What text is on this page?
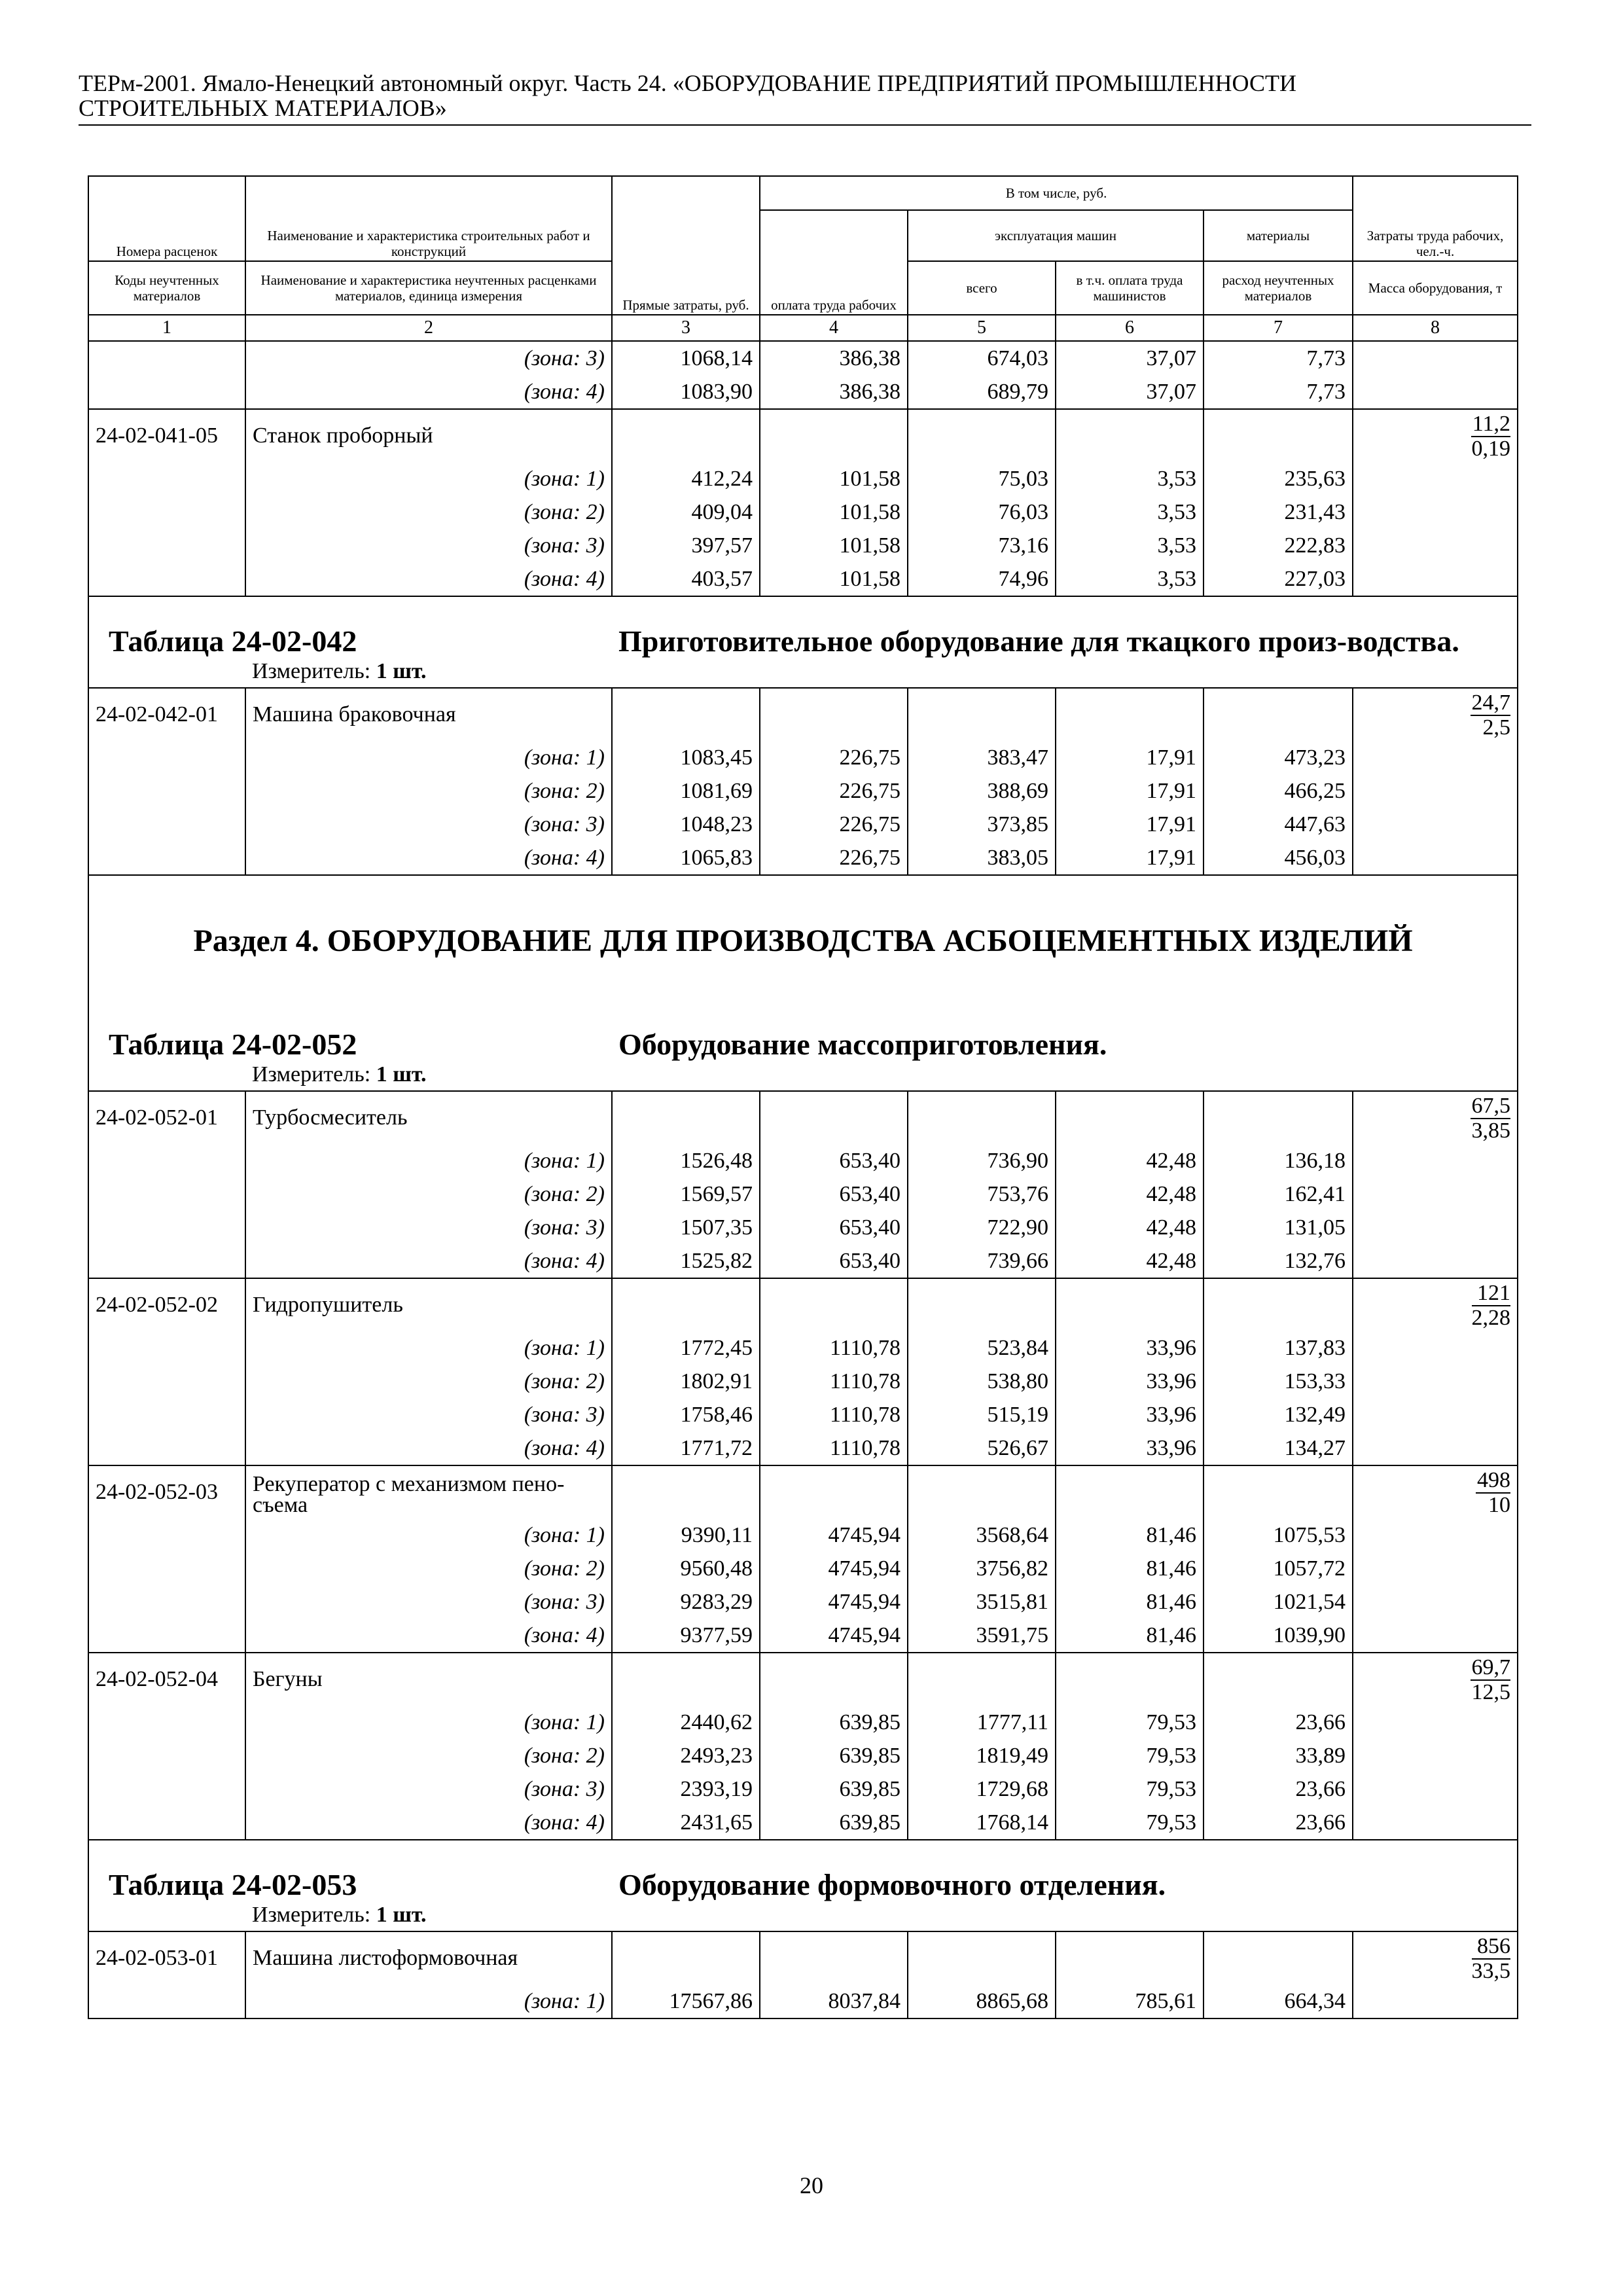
ТЕРм-2001. Ямало-Ненецкий автономный округ. Часть 24. «ОБОРУДОВАНИЕ ПРЕДПРИЯТИЙ ПРОМЫШЛЕННОСТИ
СТРОИТЕЛЬНЫХ МАТЕРИАЛОВ»
Номера расценок	Наименование и характеристика строительных работ и конструкций	Прямые затраты, руб.	В том числе, руб.				Затраты труда рабочих, чел.-ч.
			оплата труда рабочих	эксплуатация машин		материалы	
Коды неучтенных материалов	Наименование и характеристика неучтенных расценками материалов, единица измерения			всего	в т.ч. оплата труда машинистов	расход неучтенных материалов	Масса оборудования, т
1	2	3	4	5	6	7	8
	(зона: 3)	1068,14	386,38	674,03	37,07	7,73	
	(зона: 4)	1083,90	386,38	689,79	37,07	7,73	
24-02-041-05	Станок проборный						$\frac{11,2}{0,19}$

	(зона: 1)	412,24	101,58	75,03	3,53	235,63	
	(зона: 2)	409,04	101,58	76,03	3,53	231,43	
	(зона: 3)	397,57	101,58	73,16	3,53	222,83	
	(зона: 4)	403,57	101,58	74,96	3,53	227,03	
Таблица 24-02-042		Приготовительное оборудование для ткацкого произ-водства.					
	Измеритель: 1 шт.						
24-02-042-01	Машина браковочная						$\frac{24,7}{2,5}$

	(зона: 1)	1083,45	226,75	383,47	17,91	473,23	
	(зона: 2)	1081,69	226,75	388,69	17,91	466,25	
	(зона: 3)	1048,23	226,75	373,85	17,91	447,63	
	(зона: 4)	1065,83	226,75	383,05	17,91	456,03	
Раздел 4. ОБОРУДОВАНИЕ ДЛЯ ПРОИЗВОДСТВА АСБОЦЕМЕНТНЫХ ИЗДЕЛИЙ							
Таблица 24-02-052		Оборудование массоприготовления.					
	Измеритель: 1 шт.						
24-02-052-01	Турбосмеситель						$\frac{67,5}{3,85}$

	(зона: 1)	1526,48	653,40	736,90	42,48	136,18	
	(зона: 2)	1569,57	653,40	753,76	42,48	162,41	
	(зона: 3)	1507,35	653,40	722,90	42,48	131,05	
	(зона: 4)	1525,82	653,40	739,66	42,48	132,76	
24-02-052-02	Гидропушитель						$\frac{121}{2,28}$

	(зона: 1)	1772,45	1110,78	523,84	33,96	137,83	
	(зона: 2)	1802,91	1110,78	538,80	33,96	153,33	
	(зона: 3)	1758,46	1110,78	515,19	33,96	132,49	
	(зона: 4)	1771,72	1110,78	526,67	33,96	134,27	
24-02-052-03	Рекуператор с механизмом пено-съема						$\frac{498}{10}$

	(зона: 1)	9390,11	4745,94	3568,64	81,46	1075,53	
	(зона: 2)	9560,48	4745,94	3756,82	81,46	1057,72	
	(зона: 3)	9283,29	4745,94	3515,81	81,46	1021,54	
	(зона: 4)	9377,59	4745,94	3591,75	81,46	1039,90	
24-02-052-04	Бегуны						$\frac{69,7}{12,5}$

	(зона: 1)	2440,62	639,85	1777,11	79,53	23,66	
	(зона: 2)	2493,23	639,85	1819,49	79,53	33,89	
	(зона: 3)	2393,19	639,85	1729,68	79,53	23,66	
	(зона: 4)	2431,65	639,85	1768,14	79,53	23,66	
Таблица 24-02-053		Оборудование формовочного отделения.					
	Измеритель: 1 шт.						
24-02-053-01	Машина листоформовочная						$\frac{856}{33,5}$

	(зона: 1)	17567,86	8037,84	8865,68	785,61	664,34	
20
